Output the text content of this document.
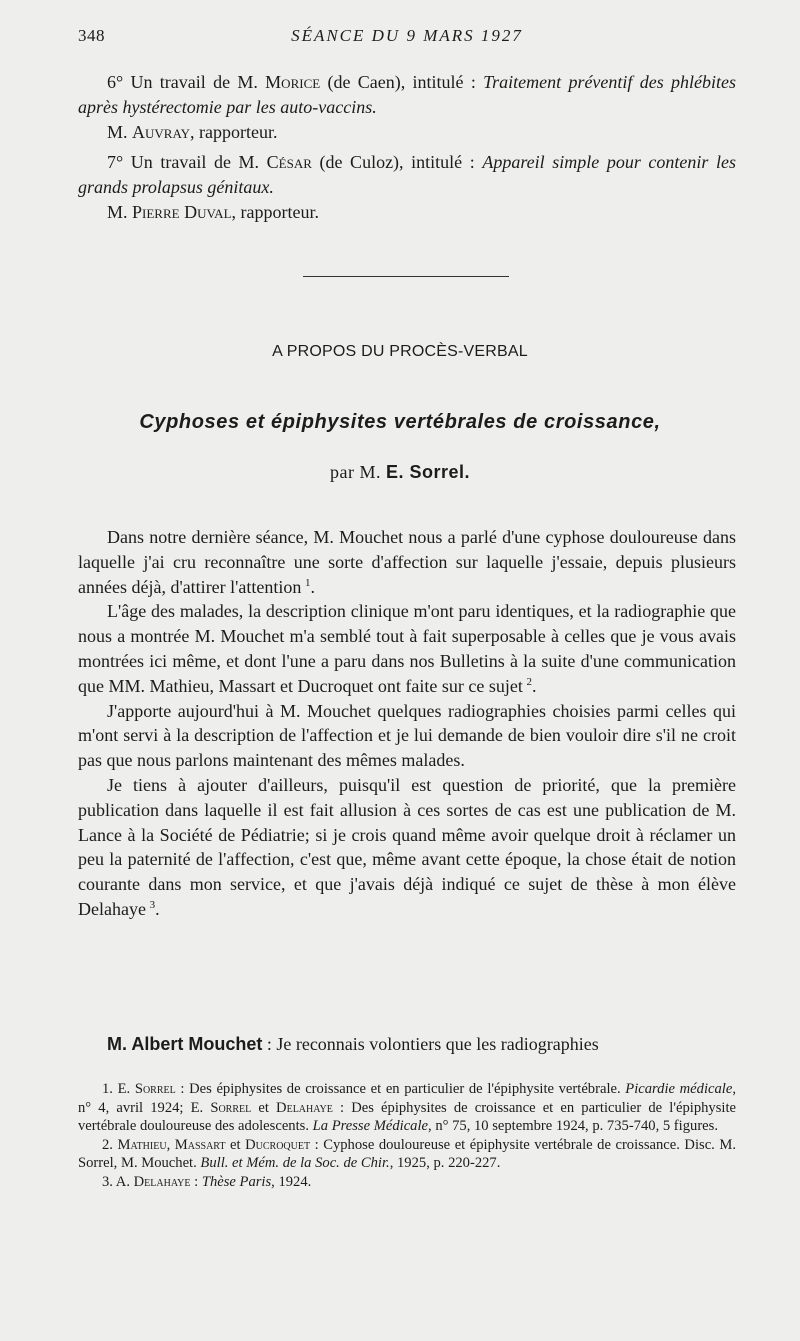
348	SÉANCE DU 9 MARS 1927

6° Un travail de M. Morice (de Caen), intitulé : Traitement préventif des phlébites après hystérectomie par les auto-vaccins.

M. Auvray, rapporteur.

7° Un travail de M. César (de Culoz), intitulé : Appareil simple pour contenir les grands prolapsus génitaux.

M. Pierre Duval, rapporteur.

A PROPOS DU PROCÈS-VERBAL
Cyphoses et épiphysites vertébrales de croissance,
par M. E. Sorrel.

Dans notre dernière séance, M. Mouchet nous a parlé d'une cyphose douloureuse dans laquelle j'ai cru reconnaître une sorte d'affection sur laquelle j'essaie, depuis plusieurs années déjà, d'attirer l'attention  $^1$.

L'âge des malades, la description clinique m'ont paru identiques, et la radiographie que nous a montrée M. Mouchet m'a semblé tout à fait superposable à celles que je vous avais montrées ici même, et dont l'une a paru dans nos Bulletins à la suite d'une communication que MM. Mathieu, Massart et Ducroquet ont faite sur ce sujet  $^2$.

J'apporte aujourd'hui à M. Mouchet quelques radiographies choisies parmi celles qui m'ont servi à la description de l'affection et je lui demande de bien vouloir dire s'il ne croit pas que nous parlons maintenant des mêmes malades.

Je tiens à ajouter d'ailleurs, puisqu'il est question de priorité, que la première publication dans laquelle il est fait allusion à ces sortes de cas est une publication de M. Lance à la Société de Pédiatrie; si je crois quand même avoir quelque droit à réclamer un peu la paternité de l'affection, c'est que, même avant cette époque, la chose était de notion courante dans mon service, et que j'avais déjà indiqué ce sujet de thèse à mon élève Delahaye  $^3$.

M. Albert Mouchet : Je reconnais volontiers que les radiographies

1. E. Sorrel : Des épiphysites de croissance et en particulier de l'épiphysite vertébrale. Picardie médicale, n° 4, avril 1924; E. Sorrel et Delahaye : Des épiphysites de croissance et en particulier de l'épiphysite vertébrale douloureuse des adolescents. La Presse Médicale, n° 75, 10 septembre 1924, p. 735-740, 5 figures.

2. Mathieu, Massart et Ducroquet : Cyphose douloureuse et épiphysite vertébrale de croissance. Disc. M. Sorrel, M. Mouchet. Bull. et Mém. de la Soc. de Chir., 1925, p. 220-227.

3. A. Delahaye : Thèse Paris, 1924.
